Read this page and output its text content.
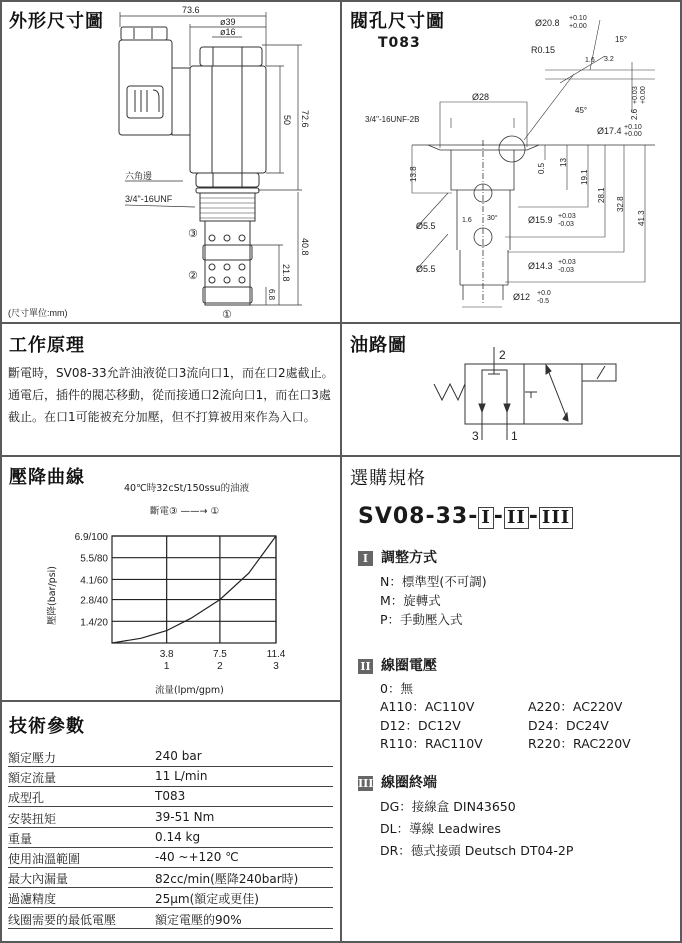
外形尺寸圖
73.6
ø39
ø16
50 72.6
40.8
21.8
6.8
六角邊
3/4"-16UNF
③
②
①
(尺寸單位:mm)
閥孔尺寸圖
T083
Ø20.8 +0.10 +0.00
15°
R0.15
1.6 3.2
2.6
+0.03+0.00
45°
Ø17.4 +0.10 +0.00
Ø28
3/4"-16UNF-2B
13.8	0.5
13
19.1
28.1
32.8
41.3
Ø5.5
Ø5.5
Ø15.9 +0.03 -0.03
Ø14.3 +0.03 -0.03
Ø12 +0.0 -0.5
30°
1.6
工作原理
斷電時，SV08-33允許油液從口3流向口1，而在口2處截止。通電后，插件的閥芯移動，從而接通口2流向口1，而在口3處截止。在口1可能被充分加壓，但不打算被用來作為入口。
油路圖	2
3	1
壓降曲線
40℃時32cSt/150ssu的油液
斷電③ ——→ ①
1.4/20
2.8/40
4.1/60
5.5/80
6.9/100
3.8
1
7.5
2
11.4
3
流量(lpm/gpm)
壓降(bar/psi)
技術參數
額定壓力	240 bar
額定流量	11 L/min
成型孔	T083
安裝扭矩	39-51 Nm
重量	0.14 kg
使用油溫範圍	-40 ~+120 ℃
最大內漏量	82cc/min(壓降240bar時)
過濾精度	25μm(額定或更佳)
线圈需要的最低電壓	額定電壓的90%
選購規格
SV08-33- I - II - III
I 調整方式
N：標準型(不可調)
M：旋轉式
P：手動壓入式
II 線圈電壓
0：無
A110：AC110V	A220：AC220V
D12：DC12V	D24：DC24V
R110：RAC110V	R220：RAC220V
III 線圈終端
DG：接線盒 DIN43650
DL：導線 Leadwires
DR：德式接頭 Deutsch DT04-2P
